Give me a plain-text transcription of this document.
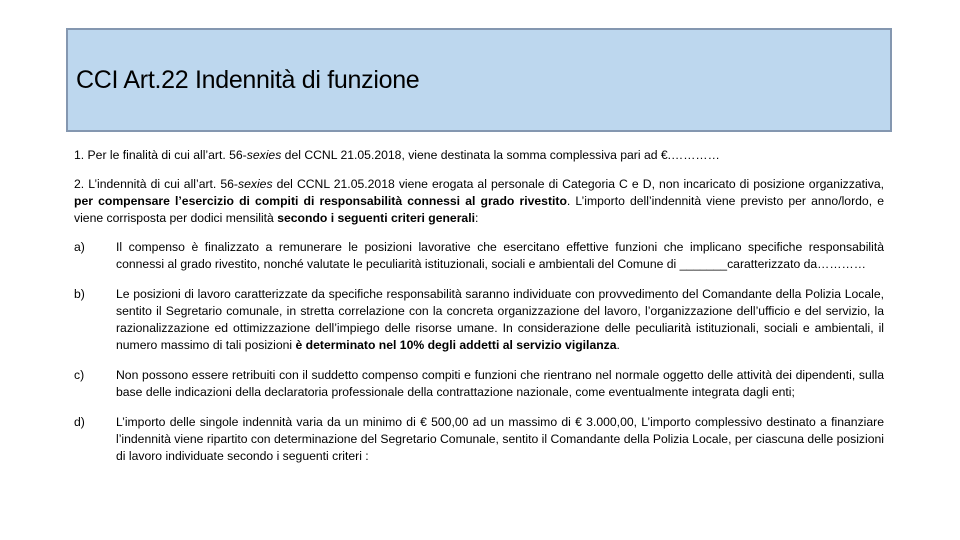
CCI Art.22 Indennità di funzione

1. Per le finalità di cui all’art. 56-sexies del CCNL 21.05.2018, viene destinata la somma complessiva pari ad €.…………

2. L’indennità di cui all’art. 56-sexies del CCNL 21.05.2018 viene erogata al personale di Categoria C e D, non incaricato di posizione organizzativa, per compensare l’esercizio di compiti di responsabilità connessi al grado rivestito. L’importo dell’indennità viene previsto per anno/lordo, e viene corrisposta per dodici mensilità secondo i seguenti criteri generali:

a)	Il compenso è finalizzato a remunerare le posizioni lavorative che esercitano effettive funzioni che implicano specifiche responsabilità connessi al grado rivestito, nonché valutate le peculiarità istituzionali, sociali e ambientali del Comune di _______caratterizzato da…………
b)	Le posizioni di lavoro caratterizzate da specifiche responsabilità saranno individuate con provvedimento del Comandante della Polizia Locale, sentito il Segretario comunale, in stretta correlazione con la concreta organizzazione del lavoro, l’organizzazione dell’ufficio e del servizio, la razionalizzazione ed ottimizzazione dell’impiego delle risorse umane. In considerazione delle peculiarità istituzionali, sociali e ambientali, il numero massimo di tali posizioni è determinato nel 10% degli addetti al servizio vigilanza.
c)	Non possono essere retribuiti con il suddetto compenso compiti e funzioni che rientrano nel normale oggetto delle attività dei dipendenti, sulla base delle indicazioni della declaratoria professionale della contrattazione nazionale, come eventualmente integrata dagli enti;
d)	L’importo delle singole indennità varia da un minimo di € 500,00 ad un massimo di € 3.000,00, L’importo complessivo destinato a finanziare l’indennità viene ripartito con determinazione del Segretario Comunale, sentito il Comandante della Polizia Locale, per ciascuna delle posizioni di lavoro individuate secondo i seguenti criteri :
